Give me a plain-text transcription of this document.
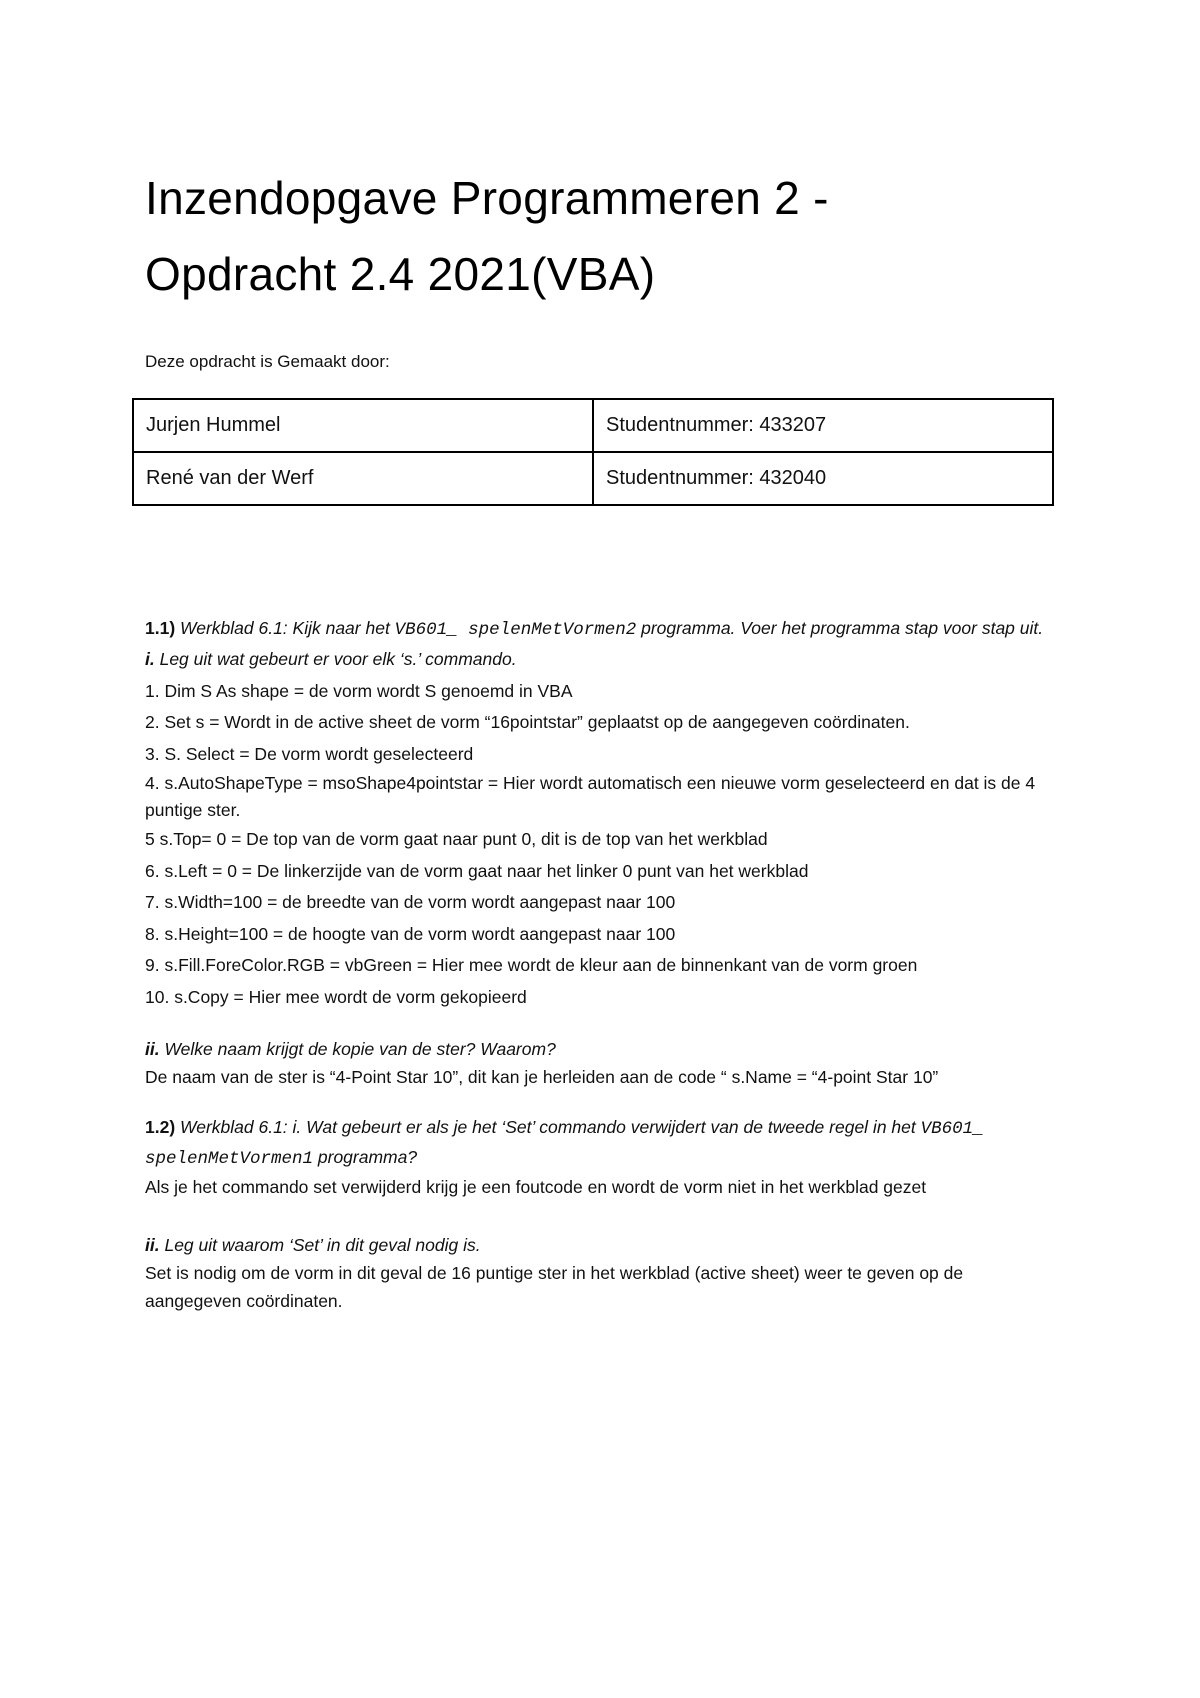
Inzendopgave Programmeren 2 -
Opdracht 2.4 2021(VBA)
Deze opdracht is Gemaakt door:
Jurjen Hummel	Studentnummer: 433207
René van der Werf	Studentnummer: 432040

1.1) Werkblad 6.1: Kijk naar het VB601_ spelenMetVormen2 programma. Voer het programma stap voor stap uit.

i. Leg uit wat gebeurt er voor elk ‘s.’ commando.

1. Dim S As shape = de vorm wordt S genoemd in VBA

2. Set s = Wordt in de active sheet de vorm “16pointstar” geplaatst op de aangegeven coördinaten.

3. S. Select = De vorm wordt geselecteerd

4. s.AutoShapeType = msoShape4pointstar = Hier wordt automatisch een nieuwe vorm geselecteerd en dat is de 4 puntige ster.

5 s.Top= 0 = De top van de vorm gaat naar punt 0, dit is de top van het werkblad

6. s.Left = 0 = De linkerzijde van de vorm gaat naar het linker 0 punt van het werkblad

7. s.Width=100 = de breedte van de vorm wordt aangepast naar 100

8. s.Height=100 = de hoogte van de vorm wordt aangepast naar 100

9. s.Fill.ForeColor.RGB = vbGreen = Hier mee wordt de kleur aan de binnenkant van de vorm groen

10. s.Copy = Hier mee wordt de vorm gekopieerd

ii. Welke naam krijgt de kopie van de ster? Waarom?

De naam van de ster is “4-Point Star 10”, dit kan je herleiden aan de code “ s.Name = “4-point Star 10”

1.2) Werkblad 6.1: i. Wat gebeurt er als je het ‘Set’ commando verwijdert van de tweede regel in het VB601_ spelenMetVormen1 programma?

Als je het commando set verwijderd krijg je een foutcode en wordt de vorm niet in het werkblad gezet

ii. Leg uit waarom ‘Set’ in dit geval nodig is.

Set is nodig om de vorm in dit geval de 16 puntige ster in het werkblad (active sheet) weer te geven op de aangegeven coördinaten.
